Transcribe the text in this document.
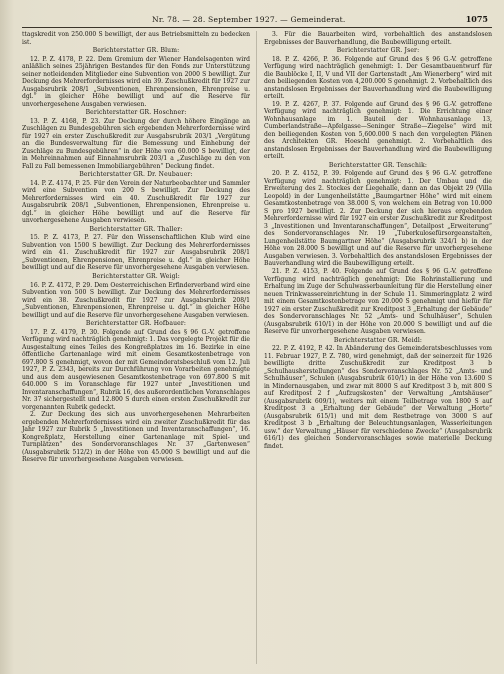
Nr. 78. — 28. September 1927. — Gemeinderat.	1075

ttagskredit von 250.000 S bewilligt, der aus Betriebsmitteln zu bedecken ist.

Berichterstatter GR. Blum:

12. P. Z. 4178, P. 22. Dem Gremium der Wiener Handelsagenten wird anläßlich seines 25jährigen Bestandes für den Fonds zur Unterstützung seiner notleidenden Mitglieder eine Subvention von 2000 S bewilligt. Zur Deckung des Mehrerfordernisses wird ein 39. Zuschußkredit für 1927 zur Ausgabsrubrik 208/1 „Subventionen, Ehrenpensionen, Ehrenpreise u. dgl.“ in gleicher Höhe bewilligt und auf die Reserve für unvorhergesehene Ausgaben verwiesen.

Berichterstatter GR. Hoschner:

13. P. Z. 4168, P. 23. Zur Deckung der durch höhere Eingänge an Zuschlägen zu Bundesgebühren sich ergebenden Mehrerfordernisse wird für 1927 ein erster Zuschußkredit zur Ausgabsrubrik 203/1 „Vergütung an die Bundesverwaltung für die Bemessung und Einhebung der Zuschläge zu Bundesgebühren“ in der Höhe von 60.000 S bewilligt, der in Mehreinnahmen auf Einnahmsrubrik 203/1 a „Zuschläge zu den von Fall zu Fall bemessenen Immobiliargebühren“ Deckung findet.

Berichterstatter GR. Dr. Neubauer:

14. P. Z. 4174, P. 25. Für den Verein der Naturbeobachter und Sammler wird eine Subvention von 200 S bewilligt. Zur Deckung des Mehrerfordernisses wird ein 40. Zuschußkredit für 1927 zur Ausgabsrubrik 208/1 „Subventionen, Ehrenpensionen, Ehrenpreise u. dgl.“ in gleicher Höhe bewilligt und auf die Reserve für unvorhergesehene Ausgaben verwiesen.

Berichterstatter GR. Thaller:

15. P. Z. 4173, P. 27. Für den Wissenschaftlichen Klub wird eine Subvention von 1500 S bewilligt. Zur Deckung des Mehrerfordernisses wird ein 41. Zuschußkredit für 1927 zur Ausgabsrubrik 208/1 „Subventionen, Ehrenpensionen, Ehrenpreise u. dgl.“ in gleicher Höhe bewilligt und auf die Reserve für unvorhergesehene Ausgaben verwiesen.

Berichterstatter GR. Weigl:

16. P. Z. 4172, P. 29. Dem Oesterreichischen Erfinderverband wird eine Subvention von 500 S bewilligt. Zur Deckung des Mehrerfordernisses wird ein 38. Zuschußkredit für 1927 zur Ausgabsrubrik 208/1 „Subventionen, Ehrenpensionen, Ehrenpreise u. dgl.“ in gleicher Höhe bewilligt und auf die Reserve für unvorhergesehene Ausgaben verwiesen.

Berichterstatter GR. Hofbauer:

17. P. Z. 4179, P. 30. Folgende auf Grund des § 96 G.-V. getroffene Verfügung wird nachträglich genehmigt: 1. Das vorgelegte Projekt für die Ausgestaltung eines Teiles des Kongreßplatzes im 16. Bezirke in eine öffentliche Gartenanlage wird mit einem Gesamtkostenbetrage von 697.800 S genehmigt, wovon der mit Gemeinderatsbeschluß vom 12. Juli 1927, P. Z. 2343, bereits zur Durchführung von Vorarbeiten genehmigte und aus dem ausgewiesenen Gesamtkostenbetrage von 697.800 S mit 640.000 S im Voranschlage für 1927 unter „Investitionen und Inventaranschaffungen“, Rubrik 16, des außerordentlichen Voranschlages Nr. 37 sichergestellt und 12.800 S durch einen ersten Zuschußkredit zur vorgenannten Rubrik gedeckt.

2. Zur Deckung des sich aus unvorhergesehenen Mehrarbeiten ergebenden Mehrerfordernisses wird ein zweiter Zuschußkredit für das Jahr 1927 zur Rubrik 5 „Investitionen und Inventaranschaffungen“, 16. Kongreßplatz, Herstellung einer Gartenanlage mit Spiel- und Turnplätzen“ des Sondervoranschlages Nr. 37 „Gartenwesen“ (Ausgabsrubrik 512/2) in der Höhe von 45.000 S bewilligt und auf die Reserve für unvorhergesehene Ausgaben verwiesen.

3. Für die Bauarbeiten wird, vorbehaltlich des anstandslosen Ergebnisses der Bauverhandlung, die Baubewilligung erteilt.

Berichterstatter GR. Jser:

18. P. Z. 4266, P. 36. Folgende auf Grund des § 96 G.-V. getroffene Verfügung wird nachträglich genehmigt: 1. Der Gesamtbauentwurf für die Baublöcke I, II, V und VII der Gartenstadt „Am Wienerberg“ wird mit den beiliegenden Kosten von 4,200.000 S genehmigt. 2. Vorbehaltlich des anstandslosen Ergebnisses der Bauverhandlung wird die Baubewilligung erteilt.

19. P. Z. 4267, P. 37. Folgende auf Grund des § 96 G.-V. getroffene Verfügung wird nachträglich genehmigt: 1. Die Errichtung einer Wohnhausanlage im 1. Bauteil der Wohnhausanlage 13, Cumberlandstraße—Apfelgasse—Seninger Straße—Ziegelse“ wird mit den beiliegenden Kosten von 5,600.000 S nach den vorgelegten Plänen des Architekten GR. Hoeschl genehmigt. 2. Vorbehaltlich des anstandslosen Ergebnisses der Bauverhandlung wird die Baubewilligung erteilt.

Berichterstatter GR. Tenschik:

20. P. Z. 4152, P. 39. Folgende auf Grund des § 96 G.-V. getroffene Verfügung wird nachträglich genehmigt: 1. Der Umbau und die Erweiterung des 2. Stockes der Liegehalle, dann an das Objekt 29 (Villa Leopold) in der Lungenheilstätte „Baumgartner Höhe“ wird mit einem Gesamtkostenbetrage von 38.000 S, von welchem ein Betrag von 10.000 S pro 1927 bewilligt. 2. Zur Deckung der sich hieraus ergebenden Mehrerfordernisse wird für 1927 ein erster Zuschußkredit zur Kreditpost 3 „Investitionen und Inventaranschaffungen“, Detailpost „Erweiterung“ des Sondervoranschlages Nr. 19 „Tuberkulosefürsorgeanstalten, Lungenheilstätte Baumgartner Höhe“ (Ausgabsrubrik 324/1 b) in der Höhe von 28.000 S bewilligt und auf die Reserve für unvorhergesehene Ausgaben verwiesen. 3. Vorbehaltlich des anstandslosen Ergebnisses der Bauverhandlung wird die Baubewilligung erteilt.

21. P. Z. 4153, P. 40. Folgende auf Grund des § 96 G.-V. getroffene Verfügung wird nachträglich genehmigt: Die Rohrinstallierung und Erhaltung im Zuge der Schulwasserbaunleitung für die Herstellung einer neuen Trinkwassereinrichtung in der Schule 11. Simmeringplatz 2 wird mit einem Gesamtkostenbetrage von 20.000 S genehmigt und hiefür für 1927 ein erster Zuschußkredit zur Kreditpost 3 „Erhaltung der Gebäude“ des Sondervoranschlages Nr. 52 „Amts- und Schulhäuser“, Schulen (Ausgabsrubrik 610/1) in der Höhe von 20.000 S bewilligt und auf die Reserve für unvorhergesehene Ausgaben verwiesen.

Berichterstatter GR. Meidl:

22. P. Z. 4192, P. 42. In Abänderung des Gemeinderatsbeschlusses vom 11. Februar 1927, P. Z. 780, wird genehmigt, daß der seinerzeit für 1926 bewilligte dritte Zuschußkredit zur Kreditpost 3 b „Schulhausherstellungen“ des Sondervoranschlages Nr. 52 „Amts- und Schulhäuser“, Schulen (Ausgabsrubrik 610/1) in der Höhe von 13.600 S in Mindernausgaben, und zwar mit 8000 S auf Kreditpost 3 b, mit 800 S auf Kreditpost 2 f „Aufzugskosten“ der Verwaltung „Amtshäuser“ (Ausgabsrubrik 609/1), weiters mit einem Teilbetrage von 1800 S auf Kreditpost 3 a „Erhaltung der Gebäude“ der Verwaltung „Horte“ (Ausgabsrubrik 615/1) und mit dem Restbetrage von 3000 S auf Kreditpost 3 b „Erhaltung der Beleuchtungsanlagen, Wasserleitungen usw.“ der Verwaltung „Häuser für verschiedene Zwecke“ (Ausgabsrubrik 616/1) des gleichen Sondervoranschlages sowie materielle Deckung findet.
